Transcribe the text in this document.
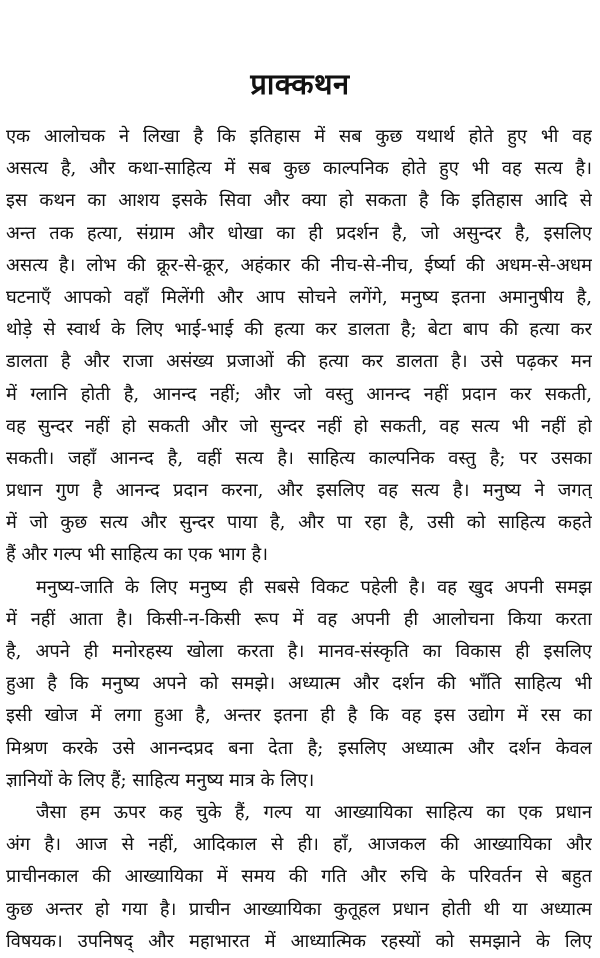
प्राक्कथन
एक आलोचक ने लिखा है कि इतिहास में सब कुछ यथार्थ होते हुए भी वह
असत्य है, और कथा-साहित्य में सब कुछ काल्पनिक होते हुए भी वह सत्य है।
इस कथन का आशय इसके सिवा और क्या हो सकता है कि इतिहास आदि से
अन्त तक हत्या, संग्राम और धोखा का ही प्रदर्शन है, जो असुन्दर है, इसलिए
असत्य है। लोभ की क्रूर-से-क्रूर, अहंकार की नीच-से-नीच, ईर्ष्या की अधम-से-अधम
घटनाएँ आपको वहाँ मिलेंगी और आप सोचने लगेंगे, मनुष्य इतना अमानुषीय है,
थोड़े से स्वार्थ के लिए भाई-भाई की हत्या कर डालता है; बेटा बाप की हत्या कर
डालता है और राजा असंख्य प्रजाओं की हत्या कर डालता है। उसे पढ़कर मन
में ग्लानि होती है, आनन्द नहीं; और जो वस्तु आनन्द नहीं प्रदान कर सकती,
वह सुन्दर नहीं हो सकती और जो सुन्दर नहीं हो सकती, वह सत्य भी नहीं हो
सकती। जहाँ आनन्द है, वहीं सत्य है। साहित्य काल्पनिक वस्तु है; पर उसका
प्रधान गुण है आनन्द प्रदान करना, और इसलिए वह सत्य है। मनुष्य ने जगत्
में जो कुछ सत्य और सुन्दर पाया है, और पा रहा है, उसी को साहित्य कहते
हैं और गल्प भी साहित्य का एक भाग है।
मनुष्य-जाति के लिए मनुष्य ही सबसे विकट पहेली है। वह खुद अपनी समझ
में नहीं आता है। किसी-न-किसी रूप में वह अपनी ही आलोचना किया करता
है, अपने ही मनोरहस्य खोला करता है। मानव-संस्कृति का विकास ही इसलिए
हुआ है कि मनुष्य अपने को समझे। अध्यात्म और दर्शन की भाँति साहित्य भी
इसी खोज में लगा हुआ है, अन्तर इतना ही है कि वह इस उद्योग में रस का
मिश्रण करके उसे आनन्दप्रद बना देता है; इसलिए अध्यात्म और दर्शन केवल
ज्ञानियों के लिए हैं; साहित्य मनुष्य मात्र के लिए।
जैसा हम ऊपर कह चुके हैं, गल्प या आख्यायिका साहित्य का एक प्रधान
अंग है। आज से नहीं, आदिकाल से ही। हाँ, आजकल की आख्यायिका और
प्राचीनकाल की आख्यायिका में समय की गति और रुचि के परिवर्तन से बहुत
कुछ अन्तर हो गया है। प्राचीन आख्यायिका कुतूहल प्रधान होती थी या अध्यात्म
विषयक। उपनिषद् और महाभारत में आध्यात्मिक रहस्यों को समझाने के लिए
